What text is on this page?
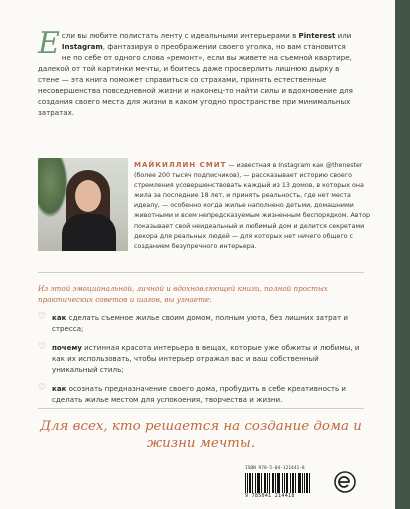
Если вы любите полистать ленту с идеальными интерьерами в Pinterest или Instagram, фантазируя о преображении своего уголка, но вам становится не по себе от одного слова «ремонт», если вы живете на съемной квартире, далекой от той картинки мечты, и боитесь даже просверлить лишнюю дырку в стене — эта книга поможет справиться со страхами, принять естественные несовершенства повседневной жизни и наконец-то найти силы и вдохновение для создания своего места для жизни в каком угодно пространстве при минимальных затратах.
МАЙКИЛЛИН СМИТ — известная в Instagram как @thenester (более 200 тысяч подписчиков), — рассказывает историю своего стремления усовершенствовать каждый из 13 домов, в которых она жила за последние 18 лет, и принять реальность, где нет места идеалу, — особенно когда жилье наполнено детьми, домашними животными и всем непредсказуемым жизненным беспорядком. Автор показывает свой неидеальный и любимый дом и делится секретами декора для реальных людей — для которых нет ничего общего с созданием безупречного интерьера.
Из этой эмоциональной, личной и вдохновляющей книги, полной простых практических советов и шагов, вы узнаете:
♡ как сделать съемное жилье своим домом, полным уюта, без лишних затрат и стресса;
♡ почему истинная красота интерьера в вещах, которые уже обжиты и любимы, и как их использовать, чтобы интерьер отражал вас и ваш собственный уникальный стиль;
♡ как осознать предназначение своего дома, пробудить в себе креативность и сделать жилье местом для успокоения, творчества и жизни.
Для всех, кто решается на создание дома и жизни мечты.
ISBN 978-5-04-121441-8
9 785041 214418
